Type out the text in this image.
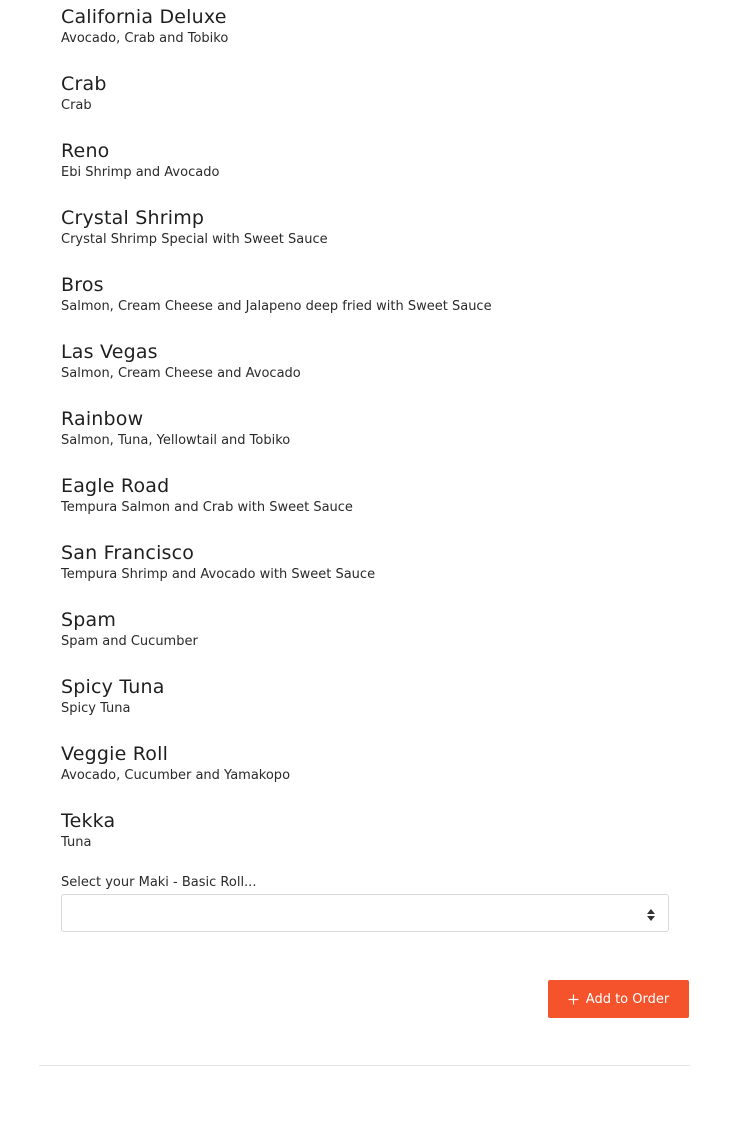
California Deluxe
Avocado, Crab and Tobiko
Crab
Crab
Reno
Ebi Shrimp and Avocado
Crystal Shrimp
Crystal Shrimp Special with Sweet Sauce
Bros
Salmon, Cream Cheese and Jalapeno deep fried with Sweet Sauce
Las Vegas
Salmon, Cream Cheese and Avocado
Rainbow
Salmon, Tuna, Yellowtail and Tobiko
Eagle Road
Tempura Salmon and Crab with Sweet Sauce
San Francisco
Tempura Shrimp and Avocado with Sweet Sauce
Spam
Spam and Cucumber
Spicy Tuna
Spicy Tuna
Veggie Roll
Avocado, Cucumber and Yamakopo
Tekka
Tuna
Select your Maki - Basic Roll...
Add to Order
